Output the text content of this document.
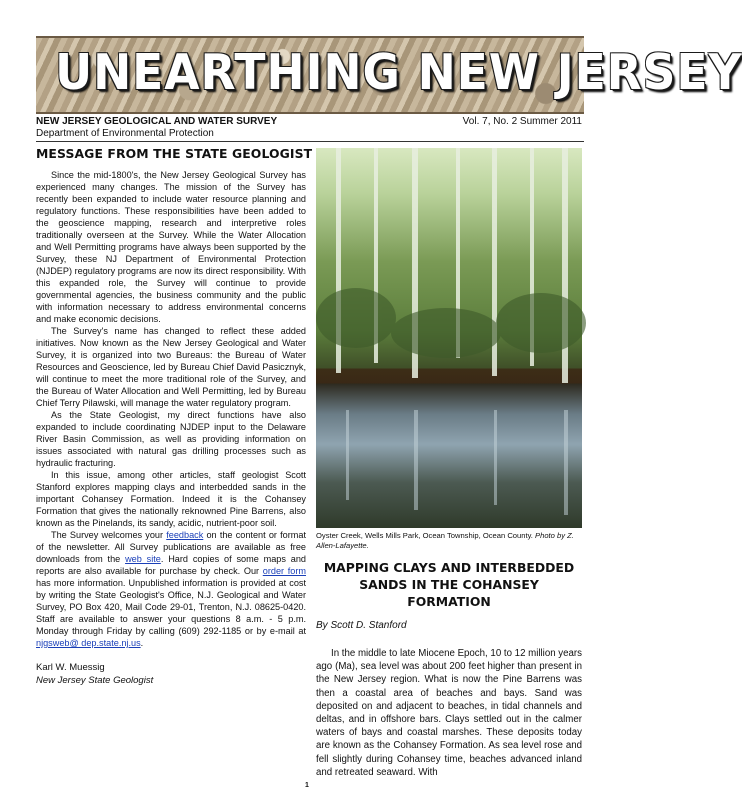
UNEARTHING NEW JERSEY
NEW JERSEY GEOLOGICAL AND WATER SURVEY
Department of Environmental Protection
Vol. 7, No. 2 Summer 2011
MESSAGE FROM THE STATE GEOLOGIST

Since the mid-1800's, the New Jersey Geological Survey has experienced many changes. The mission of the Survey has recently been expanded to include water resource planning and regulatory functions. These responsibilities have been added to the geoscience mapping, research and interpretive roles traditionally overseen at the Survey. While the Water Allocation and Well Permitting programs have always been supported by the Survey, these NJ Department of Environmental Protection (NJDEP) regulatory programs are now its direct responsibility. With this expanded role, the Survey will continue to provide governmental agencies, the business community and the public with information necessary to address environmental concerns and make economic decisions.

The Survey's name has changed to reflect these added initiatives. Now known as the New Jersey Geological and Water Survey, it is organized into two Bureaus: the Bureau of Water Resources and Geoscience, led by Bureau Chief David Pasicznyk, will continue to meet the more traditional role of the Survey, and the Bureau of Water Allocation and Well Permitting, led by Bureau Chief Terry Pilawski, will manage the water regulatory program.

As the State Geologist, my direct functions have also expanded to include coordinating NJDEP input to the Delaware River Basin Commission, as well as providing information on issues associated with natural gas drilling processes such as hydraulic fracturing.

In this issue, among other articles, staff geologist Scott Stanford explores mapping clays and interbedded sands in the important Cohansey Formation. Indeed it is the Cohansey Formation that gives the nationally reknowned Pine Barrens, also known as the Pinelands, its sandy, acidic, nutrient-poor soil.

The Survey welcomes your feedback on the content or format of the newsletter. All Survey publications are available as free downloads from the web site. Hard copies of some maps and reports are also available for purchase by check. Our order form has more information. Unpublished information is provided at cost by writing the State Geologist's Office, N.J. Geological and Water Survey, PO Box 420, Mail Code 29-01, Trenton, N.J. 08625-0420. Staff are available to answer your questions 8 a.m. - 5 p.m. Monday through Friday by calling (609) 292-1185 or by e-mail at njgsweb@ dep.state.nj.us.

Karl W. Muessig
New Jersey State Geologist
Oyster Creek, Wells Mills Park, Ocean Township, Ocean County. Photo by Z. Allen-Lafayette.
MAPPING CLAYS AND INTERBEDDED
SANDS IN THE COHANSEY FORMATION

By Scott D. Stanford

In the middle to late Miocene Epoch, 10 to 12 million years ago (Ma), sea level was about 200 feet higher than present in the New Jersey region. What is now the Pine Barrens was then a coastal area of beaches and bays. Sand was deposited on and adjacent to beaches, in tidal channels and deltas, and in offshore bars. Clays settled out in the calmer waters of bays and coastal marshes. These deposits today are known as the Cohansey Formation. As sea level rose and fell slightly during Cohansey time, beaches advanced inland and retreated seaward. With

1
